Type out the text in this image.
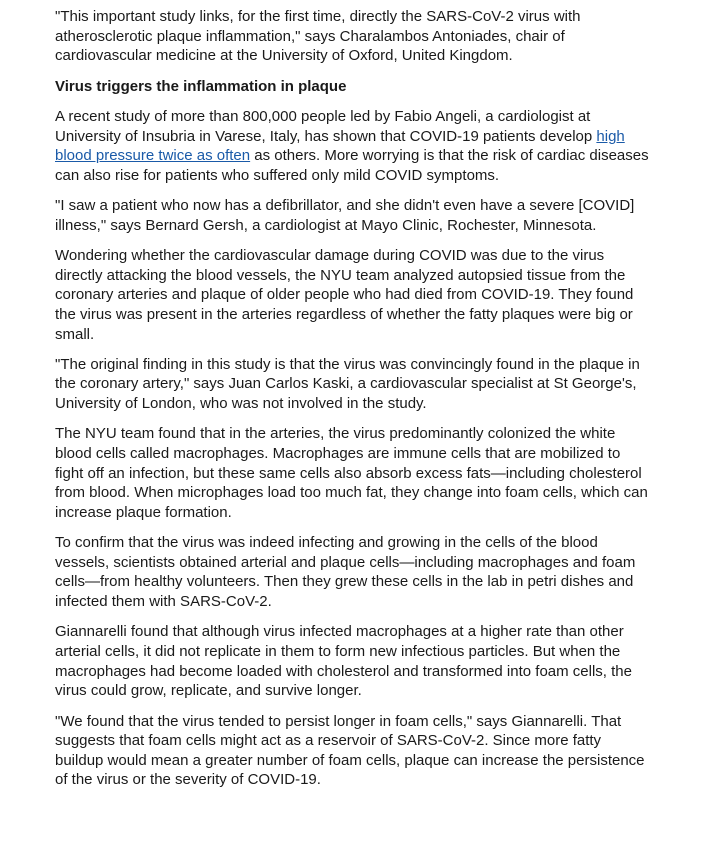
"This important study links, for the first time, directly the SARS-CoV-2 virus with atherosclerotic plaque inflammation," says Charalambos Antoniades, chair of cardiovascular medicine at the University of Oxford, United Kingdom.

Virus triggers the inflammation in plaque

A recent study of more than 800,000 people led by Fabio Angeli, a cardiologist at University of Insubria in Varese, Italy, has shown that COVID-19 patients develop high blood pressure twice as often as others. More worrying is that the risk of cardiac diseases can also rise for patients who suffered only mild COVID symptoms.

"I saw a patient who now has a defibrillator, and she didn't even have a severe [COVID] illness," says Bernard Gersh, a cardiologist at Mayo Clinic, Rochester, Minnesota.

Wondering whether the cardiovascular damage during COVID was due to the virus directly attacking the blood vessels, the NYU team analyzed autopsied tissue from the coronary arteries and plaque of older people who had died from COVID-19. They found the virus was present in the arteries regardless of whether the fatty plaques were big or small.

"The original finding in this study is that the virus was convincingly found in the plaque in the coronary artery," says Juan Carlos Kaski, a cardiovascular specialist at St George's, University of London, who was not involved in the study.

The NYU team found that in the arteries, the virus predominantly colonized the white blood cells called macrophages. Macrophages are immune cells that are mobilized to fight off an infection, but these same cells also absorb excess fats—including cholesterol from blood. When microphages load too much fat, they change into foam cells, which can increase plaque formation.

To confirm that the virus was indeed infecting and growing in the cells of the blood vessels, scientists obtained arterial and plaque cells—including macrophages and foam cells—from healthy volunteers. Then they grew these cells in the lab in petri dishes and infected them with SARS-CoV-2.

Giannarelli found that although virus infected macrophages at a higher rate than other arterial cells, it did not replicate in them to form new infectious particles. But when the macrophages had become loaded with cholesterol and transformed into foam cells, the virus could grow, replicate, and survive longer.

"We found that the virus tended to persist longer in foam cells," says Giannarelli. That suggests that foam cells might act as a reservoir of SARS-CoV-2. Since more fatty buildup would mean a greater number of foam cells, plaque can increase the persistence of the virus or the severity of COVID-19.
